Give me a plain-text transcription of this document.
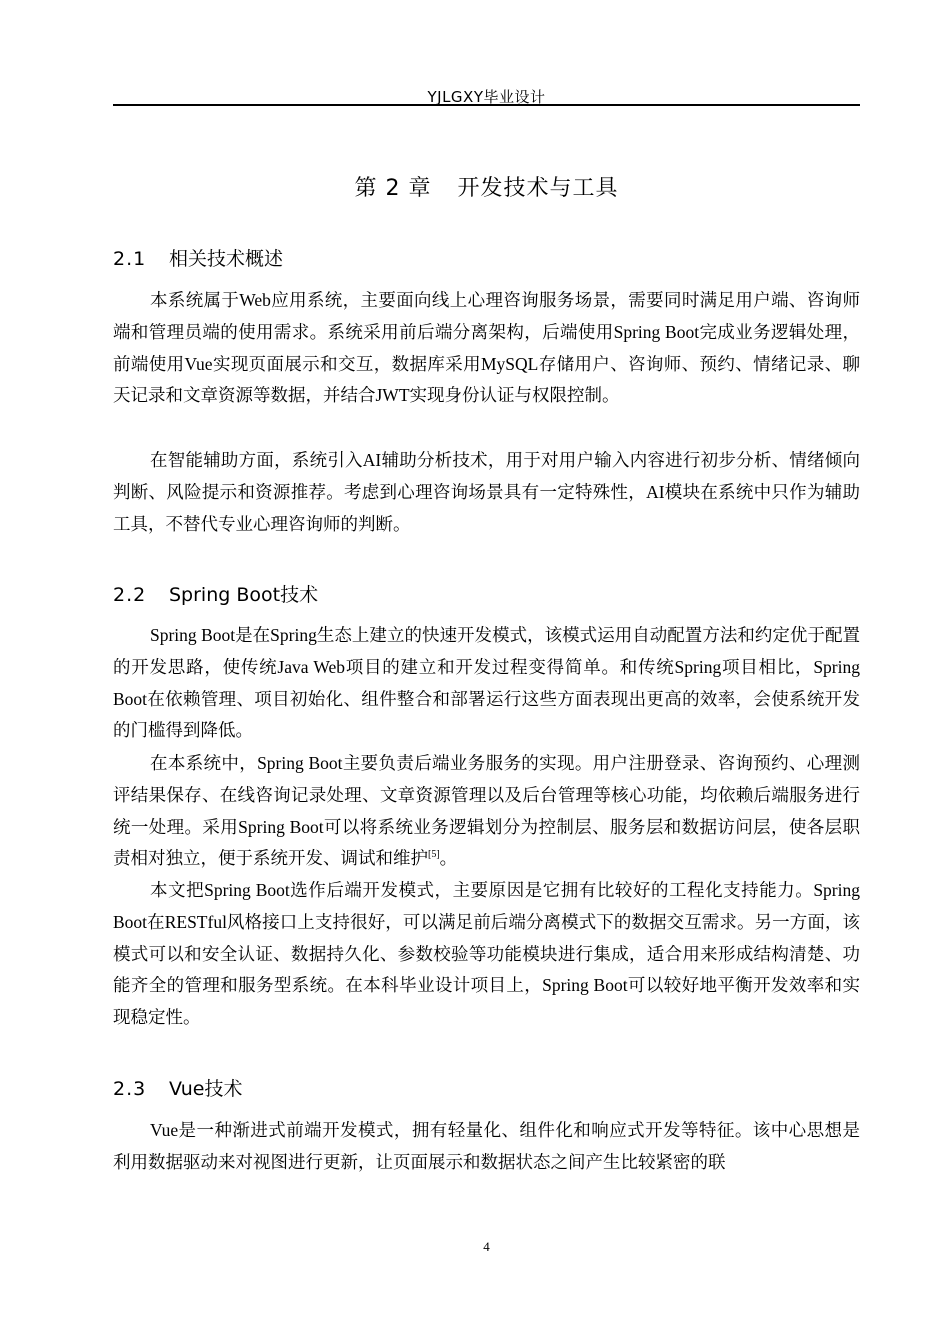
YJLGXY毕业设计
第 2 章 开发技术与工具
2.1 相关技术概述

本系统属于Web应用系统，主要面向线上心理咨询服务场景，需要同时满足用户端、咨询师端和管理员端的使用需求。系统采用前后端分离架构，后端使用Spring Boot完成业务逻辑处理，前端使用Vue实现页面展示和交互，数据库采用MySQL存储用户、咨询师、预约、情绪记录、聊天记录和文章资源等数据，并结合JWT实现身份认证与权限控制。

在智能辅助方面，系统引入AI辅助分析技术，用于对用户输入内容进行初步分析、情绪倾向判断、风险提示和资源推荐。考虑到心理咨询场景具有一定特殊性，AI模块在系统中只作为辅助工具，不替代专业心理咨询师的判断。

2.2 Spring Boot技术

Spring Boot是在Spring生态上建立的快速开发模式，该模式运用自动配置方法和约定优于配置的开发思路，使传统Java Web项目的建立和开发过程变得简单。和传统Spring项目相比，Spring Boot在依赖管理、项目初始化、组件整合和部署运行这些方面表现出更高的效率，会使系统开发的门槛得到降低。

在本系统中，Spring Boot主要负责后端业务服务的实现。用户注册登录、咨询预约、心理测评结果保存、在线咨询记录处理、文章资源管理以及后台管理等核心功能，均依赖后端服务进行统一处理。采用Spring Boot可以将系统业务逻辑划分为控制层、服务层和数据访问层，使各层职责相对独立，便于系统开发、调试和维护[5]。

本文把Spring Boot选作后端开发模式，主要原因是它拥有比较好的工程化支持能力。Spring Boot在RESTful风格接口上支持很好，可以满足前后端分离模式下的数据交互需求。另一方面，该模式可以和安全认证、数据持久化、参数校验等功能模块进行集成，适合用来形成结构清楚、功能齐全的管理和服务型系统。在本科毕业设计项目上，Spring Boot可以较好地平衡开发效率和实现稳定性。

2.3 Vue技术

Vue是一种渐进式前端开发模式，拥有轻量化、组件化和响应式开发等特征。该中心思想是利用数据驱动来对视图进行更新，让页面展示和数据状态之间产生比较紧密的联

4
